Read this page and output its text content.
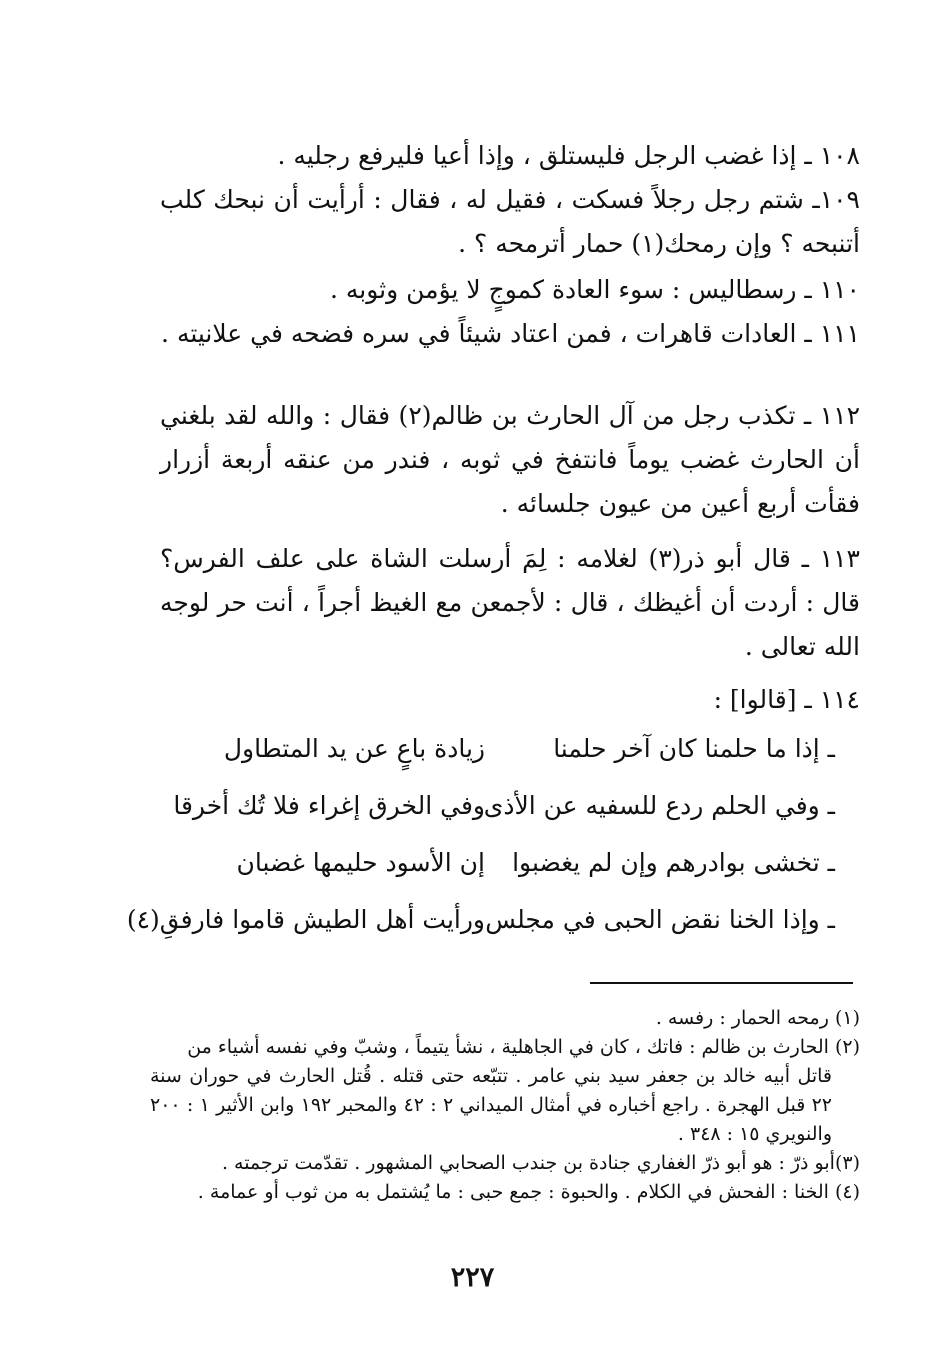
١٠٨ ـ إذا غضب الرجل فليستلق ، وإذا أعيا فليرفع رجليه .

١٠٩ـ شتم رجل رجلاً فسكت ، فقيل له ، فقال : أرأيت أن نبحك كلب أتنبحه ؟ وإن رمحك(١) حمار أترمحه ؟ .

١١٠ ـ رسطاليس : سوء العادة كموجٍ لا يؤمن وثوبه .

١١١ ـ العادات قاهرات ، فمن اعتاد شيئاً في سره فضحه في علانيته .

١١٢ ـ تكذب رجل من آل الحارث بن ظالم(٢) فقال : والله لقد بلغني أن الحارث غضب يوماً فانتفخ في ثوبه ، فندر من عنقه أربعة أزرار فقأت أربع أعين من عيون جلسائه .

١١٣ ـ قال أبو ذر(٣) لغلامه : لِمَ أرسلت الشاة على علف الفرس؟ قال : أردت أن أغيظك ، قال : لأجمعن مع الغيظ أجراً ، أنت حر لوجه الله تعالى .

١١٤ ـ [قالوا] :

ـ إذا ما حلمنا كان آخر حلمنا
زيادة باعٍ عن يد المتطاول
ـ وفي الحلم ردع للسفيه عن الأذى
وفي الخرق إغراء فلا تُك أخرقا
ـ تخشى بوادرهم وإن لم يغضبوا
إن الأسود حليمها غضبان
ـ وإذا الخنا نقض الحبى في مجلس
ورأيت أهل الطيش قاموا فارفقِ(٤)

(١) رمحه الحمار : رفسه .

(٢) الحارث بن ظالم : فاتك ، كان في الجاهلية ، نشأ يتيماً ، وشبّ وفي نفسه أشياء من

قاتل أبيه خالد بن جعفر سيد بني عامر . تتبّعه حتى قتله . قُتل الحارث في حوران سنة ٢٢ قبل الهجرة . راجع أخباره في أمثال الميداني ٢ : ٤٢ والمحبر ١٩٢ وابن الأثير ١ : ٢٠٠ والنويري ١٥ : ٣٤٨ .

(٣)أبو ذرّ : هو أبو ذرّ الغفاري جنادة بن جندب الصحابي المشهور . تقدّمت ترجمته .

(٤) الخنا : الفحش في الكلام . والحبوة : جمع حبى : ما يُشتمل به من ثوب أو عمامة .

٢٢٧
